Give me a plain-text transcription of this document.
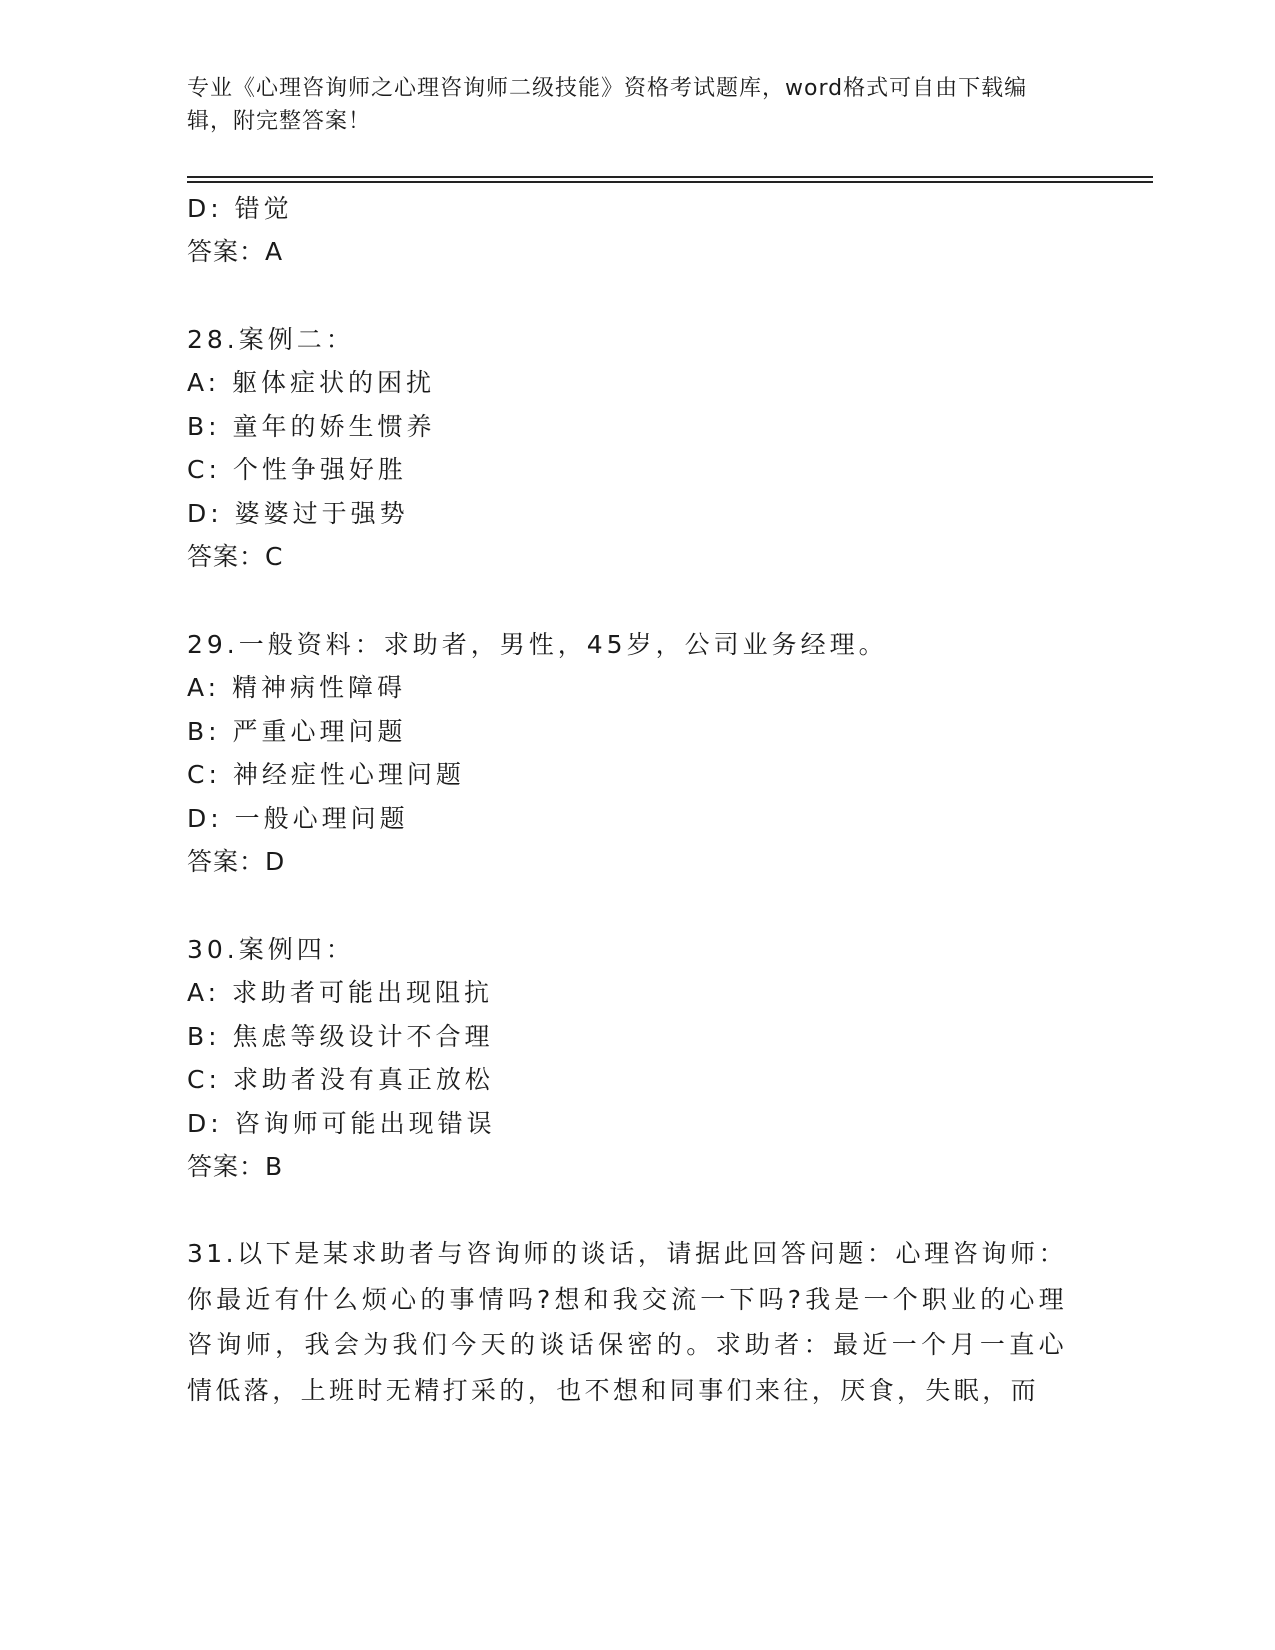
专业《心理咨询师之心理咨询师二级技能》资格考试题库，word格式可自由下载编辑，附完整答案！
D: 错觉
答案：A
28.案例二：
A: 躯体症状的困扰
B: 童年的娇生惯养
C: 个性争强好胜
D: 婆婆过于强势
答案：C
29.一般资料：求助者，男性，45岁，公司业务经理。
A: 精神病性障碍
B: 严重心理问题
C: 神经症性心理问题
D: 一般心理问题
答案：D
30.案例四：
A: 求助者可能出现阻抗
B: 焦虑等级设计不合理
C: 求助者没有真正放松
D: 咨询师可能出现错误
答案：B
31.以下是某求助者与咨询师的谈话，请据此回答问题：心理咨询师：你最近有什么烦心的事情吗?想和我交流一下吗?我是一个职业的心理咨询师，我会为我们今天的谈话保密的。求助者：最近一个月一直心情低落，上班时无精打采的，也不想和同事们来往，厌食，失眠，而
